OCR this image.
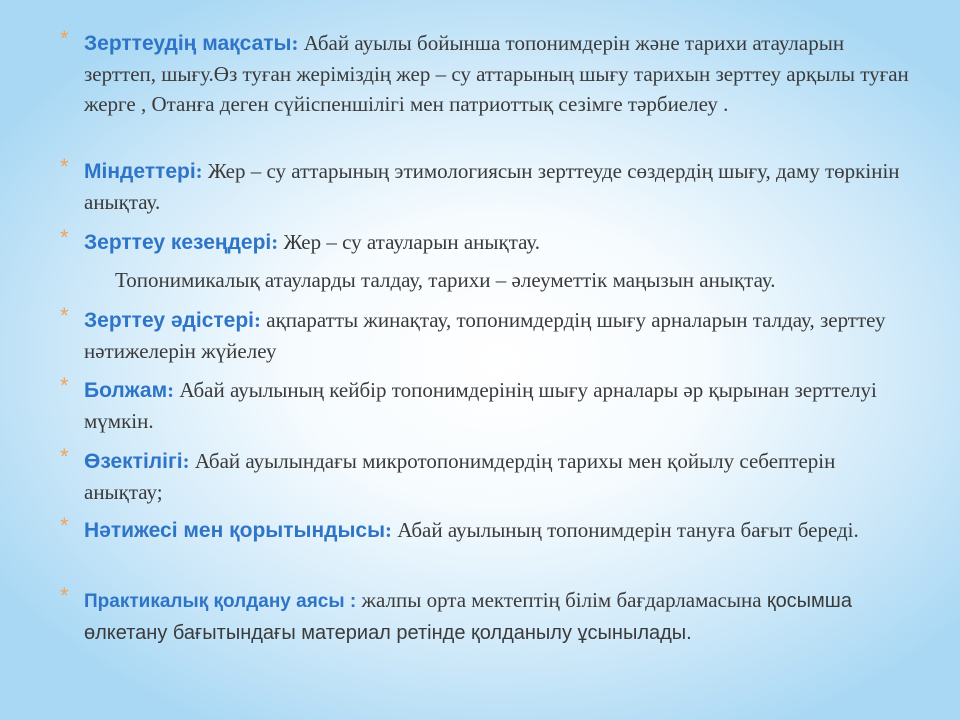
* Зерттеудің мақсаты: Абай ауылы бойынша топонимдерін және тарихи атауларын зерттеп, шығу.Өз туған жеріміздің жер – су аттарының шығу тарихын зерттеу арқылы туған жерге , Отанға деген сүйіспеншілігі мен патриоттық сезімге тәрбиелеу .
* Міндеттері: Жер – су аттарының этимологиясын зерттеуде сөздердің шығу, даму төркінін анықтау.
* Зерттеу кезеңдері: Жер – су атауларын анықтау.
Топонимикалық атауларды талдау, тарихи – әлеуметтік маңызын анықтау.
* Зерттеу әдістері: ақпаратты жинақтау, топонимдердің шығу арналарын талдау, зерттеу нәтижелерін жүйелеу
* Болжам: Абай ауылының кейбір топонимдерінің шығу арналары әр қырынан зерттелуі мүмкін.
* Өзектілігі: Абай ауылындағы микротопонимдердің тарихы мен қойылу себептерін анықтау;
* Нәтижесі мен қорытындысы: Абай ауылының топонимдерін тануға бағыт береді.
* Практикалық қолдану аясы : жалпы орта мектептің білім бағдарламасына қосымша өлкетану бағытындағы материал ретінде қолданылу ұсынылады.
